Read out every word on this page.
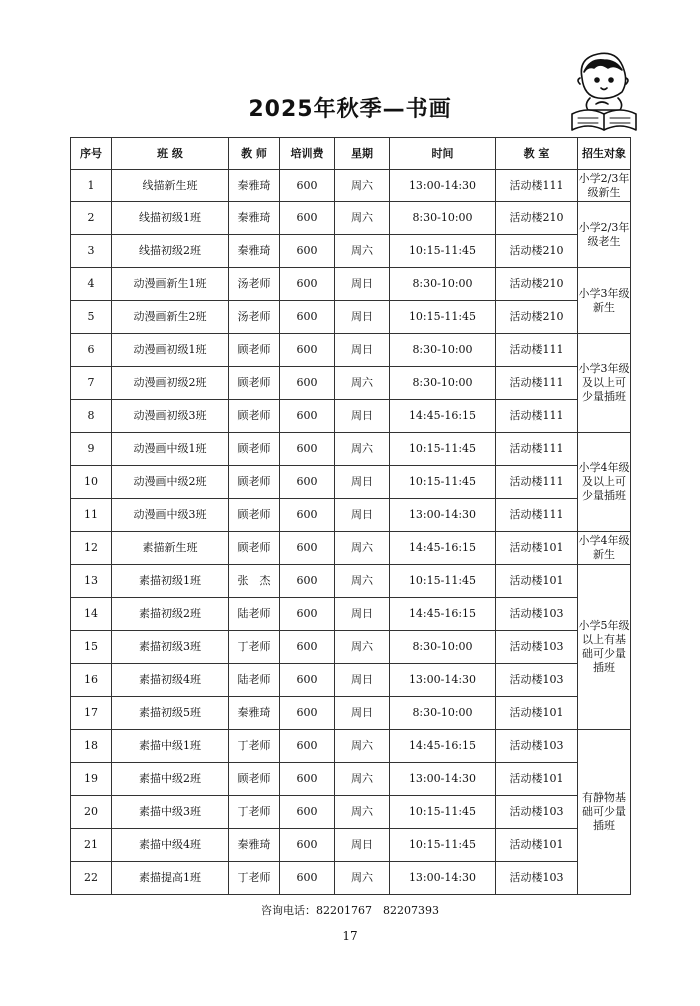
2025年秋季—书画
序号	班 级	教 师	培训费	星期	时间	教 室	招生对象
1	线描新生班	秦雅琦	600	周六	13:00-14:30	活动楼111	小学2/3年
级新生

2	线描初级1班	秦雅琦	600	周六	8:30-10:00	活动楼210	小学2/3年
级老生

3	线描初级2班	秦雅琦	600	周六	10:15-11:45	活动楼210	
4	动漫画新生1班	汤老师	600	周日	8:30-10:00	活动楼210	小学3年级
新生

5	动漫画新生2班	汤老师	600	周日	10:15-11:45	活动楼210	
6	动漫画初级1班	顾老师	600	周日	8:30-10:00	活动楼111	小学3年级
及以上可
少量插班

7	动漫画初级2班	顾老师	600	周六	8:30-10:00	活动楼111	
8	动漫画初级3班	顾老师	600	周日	14:45-16:15	活动楼111	
9	动漫画中级1班	顾老师	600	周六	10:15-11:45	活动楼111	小学4年级
及以上可
少量插班

10	动漫画中级2班	顾老师	600	周日	10:15-11:45	活动楼111	
11	动漫画中级3班	顾老师	600	周日	13:00-14:30	活动楼111	
12	素描新生班	顾老师	600	周六	14:45-16:15	活动楼101	小学4年级
新生

13	素描初级1班	张　杰	600	周六	10:15-11:45	活动楼101	小学5年级
以上有基
础可少量
插班

14	素描初级2班	陆老师	600	周日	14:45-16:15	活动楼103	
15	素描初级3班	丁老师	600	周六	8:30-10:00	活动楼103	
16	素描初级4班	陆老师	600	周日	13:00-14:30	活动楼103	
17	素描初级5班	秦雅琦	600	周日	8:30-10:00	活动楼101	
18	素描中级1班	丁老师	600	周六	14:45-16:15	活动楼103	有静物基
础可少量
插班

19	素描中级2班	顾老师	600	周六	13:00-14:30	活动楼101	
20	素描中级3班	丁老师	600	周六	10:15-11:45	活动楼103	
21	素描中级4班	秦雅琦	600	周日	10:15-11:45	活动楼101	
22	素描提高1班	丁老师	600	周六	13:00-14:30	活动楼103	
咨询电话：82201767　82207393
17
